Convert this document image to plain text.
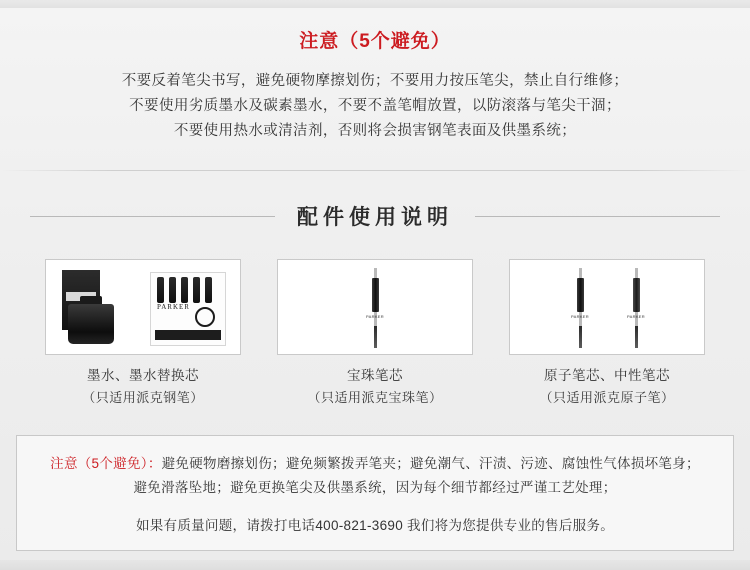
注意（5个避免）
不要反着笔尖书写，避免硬物摩擦划伤；不要用力按压笔尖，禁止自行维修；
不要使用劣质墨水及碳素墨水，不要不盖笔帽放置，以防滚落与笔尖干涸；
不要使用热水或清洁剂，否则将会损害钢笔表面及供墨系统；
配件使用说明
PARKER
墨水、墨水替换芯
（只适用派克钢笔）
PARKER
宝珠笔芯
（只适用派克宝珠笔）
PARKER	PARKER
原子笔芯、中性笔芯
（只适用派克原子笔）
注意（5个避免）：避免硬物磨擦划伤；避免频繁拨弄笔夹；避免潮气、汗渍、污迹、腐蚀性气体损坏笔身；
避免滑落坠地；避免更换笔尖及供墨系统，因为每个细节都经过严谨工艺处理；
如果有质量问题，请拨打电话400-821-3690 我们将为您提供专业的售后服务。
